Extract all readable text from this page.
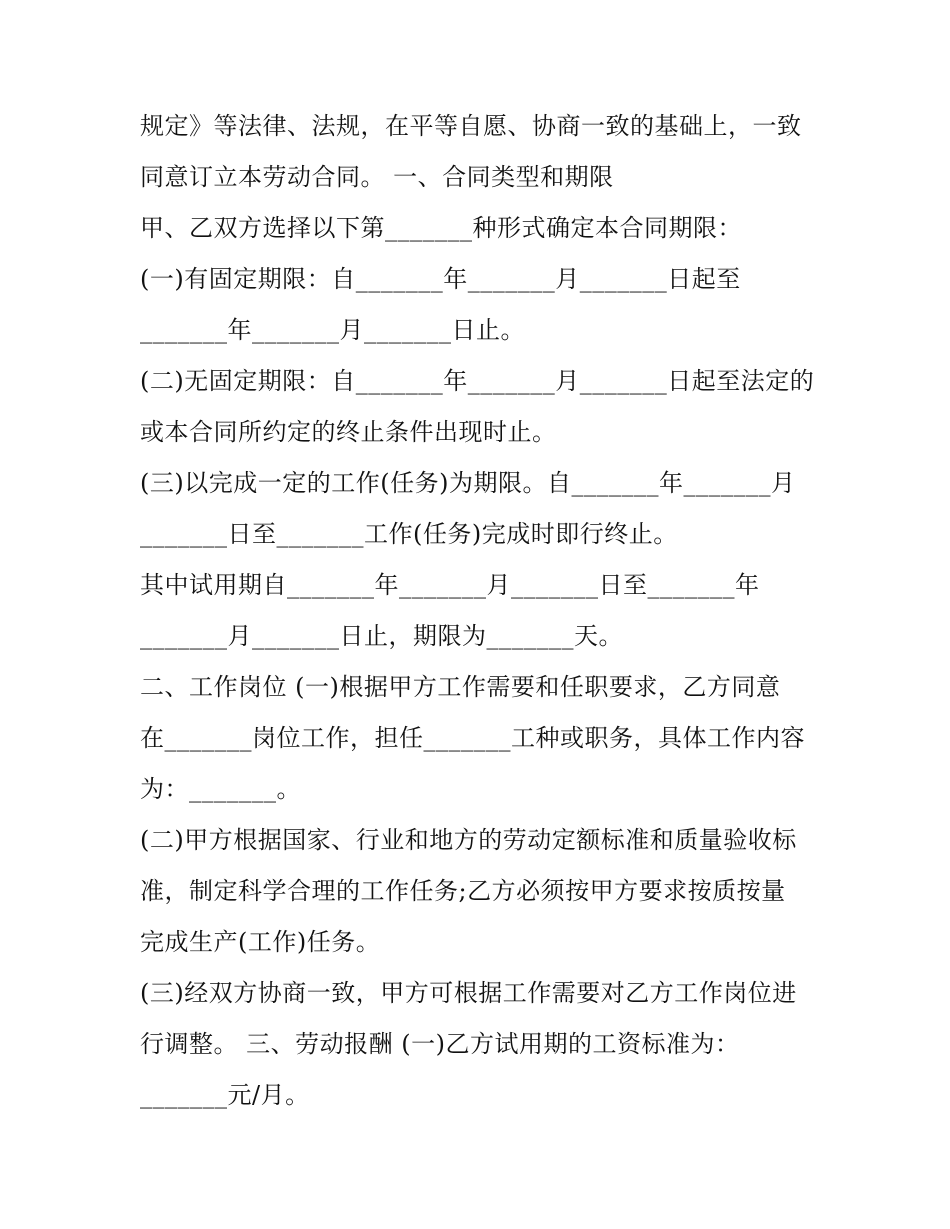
规定》等法律、法规，在平等自愿、协商一致的基础上，一致
同意订立本劳动合同。 一、合同类型和期限
甲、乙双方选择以下第_______种形式确定本合同期限：
(一)有固定期限：自_______年_______月_______日起至
_______年_______月_______日止。
(二)无固定期限：自_______年_______月_______日起至法定的
或本合同所约定的终止条件出现时止。
(三)以完成一定的工作(任务)为期限。自_______年_______月
_______日至_______工作(任务)完成时即行终止。
其中试用期自_______年_______月_______日至_______年
_______月_______日止，期限为_______天。
二、工作岗位 (一)根据甲方工作需要和任职要求，乙方同意
在_______岗位工作，担任_______工种或职务，具体工作内容
为：_______。
(二)甲方根据国家、行业和地方的劳动定额标准和质量验收标
准，制定科学合理的工作任务;乙方必须按甲方要求按质按量
完成生产(工作)任务。
(三)经双方协商一致，甲方可根据工作需要对乙方工作岗位进
行调整。 三、劳动报酬 (一)乙方试用期的工资标准为：
_______元/月。
